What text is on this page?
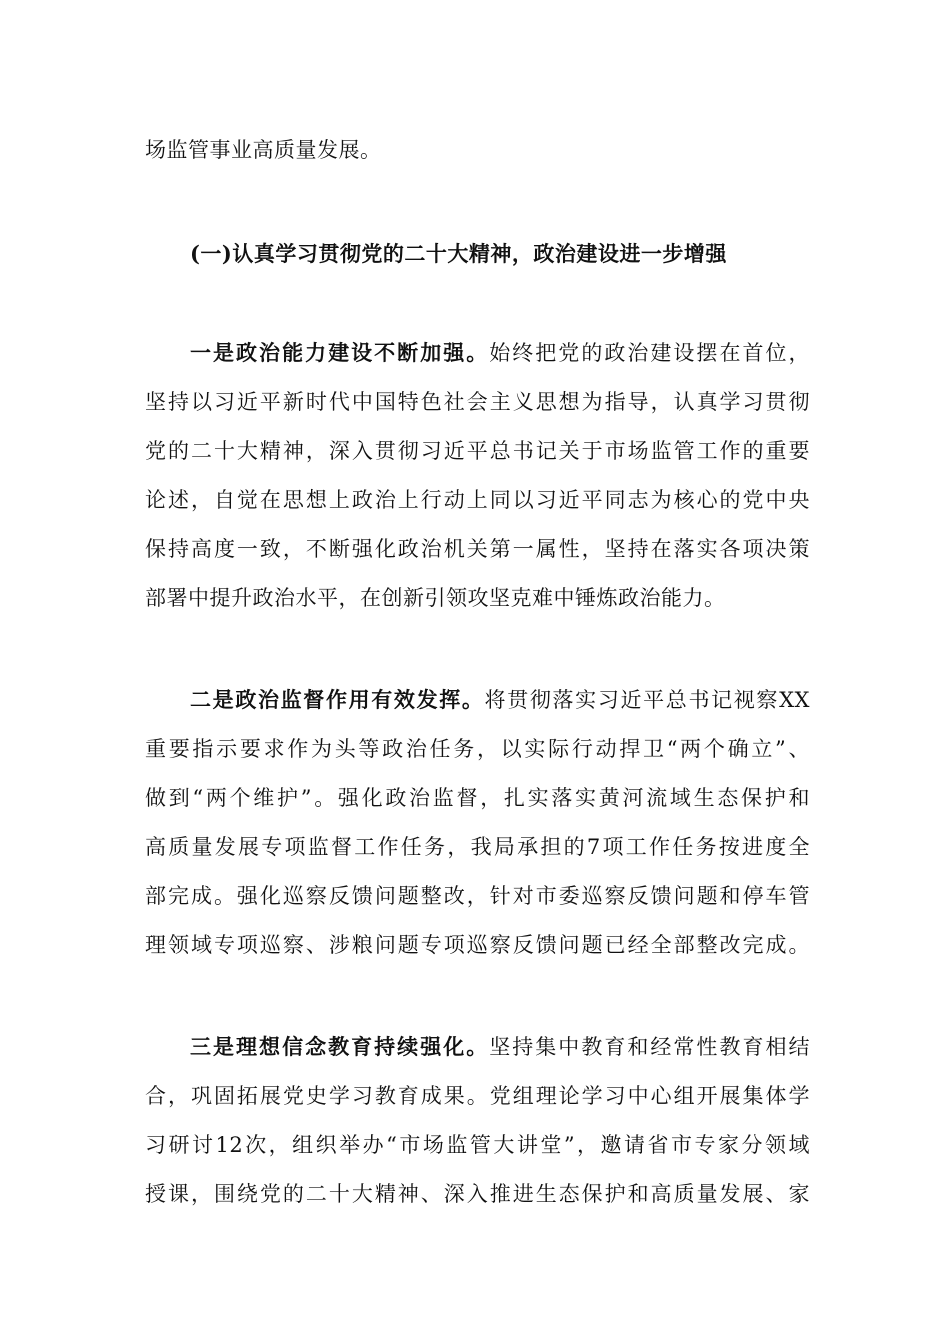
场监管事业高质量发展。
(一)认真学习贯彻党的二十大精神，政治建设进一步增强
一是政治能力建设不断加强。始终把党的政治建设摆在首位，
坚持以习近平新时代中国特色社会主义思想为指导，认真学习贯彻
党的二十大精神，深入贯彻习近平总书记关于市场监管工作的重要
论述，自觉在思想上政治上行动上同以习近平同志为核心的党中央
保持高度一致，不断强化政治机关第一属性，坚持在落实各项决策
部署中提升政治水平，在创新引领攻坚克难中锤炼政治能力。
二是政治监督作用有效发挥。将贯彻落实习近平总书记视察XX
重要指示要求作为头等政治任务，以实际行动捍卫“两个确立”、
做到“两个维护”。强化政治监督，扎实落实黄河流域生态保护和
高质量发展专项监督工作任务，我局承担的7项工作任务按进度全
部完成。强化巡察反馈问题整改，针对市委巡察反馈问题和停车管
理领域专项巡察、涉粮问题专项巡察反馈问题已经全部整改完成。
三是理想信念教育持续强化。坚持集中教育和经常性教育相结
合，巩固拓展党史学习教育成果。党组理论学习中心组开展集体学
习研讨12次，组织举办“市场监管大讲堂”，邀请省市专家分领域
授课，围绕党的二十大精神、深入推进生态保护和高质量发展、家
